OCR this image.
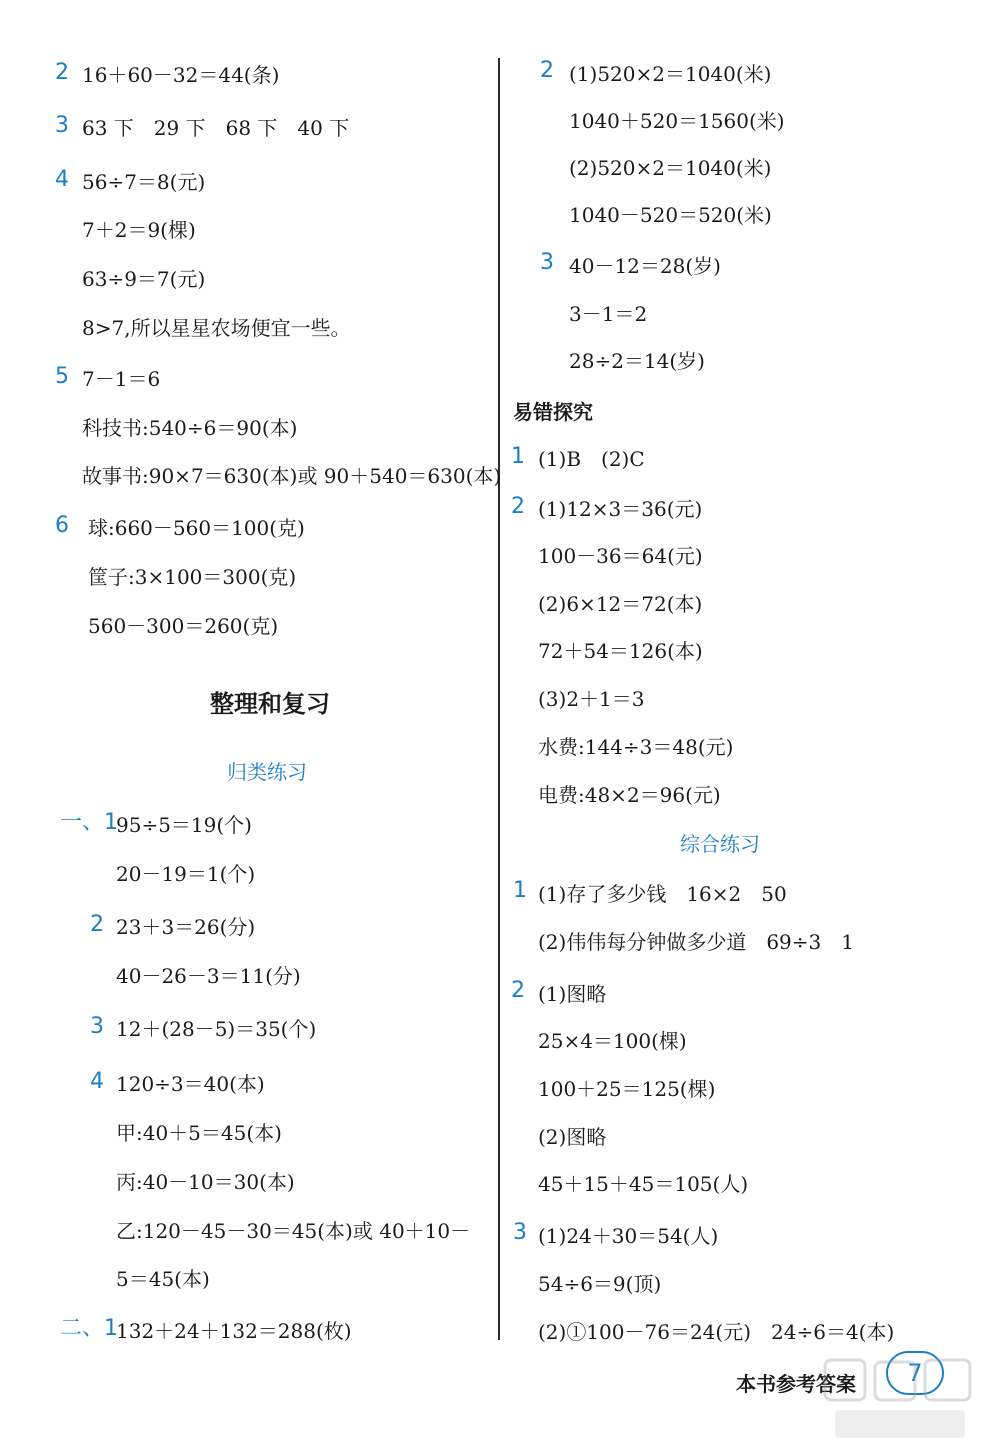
2 16＋60－32＝44(条)
3 63 下　29 下　68 下　40 下
4 56÷7＝8(元)
7＋2＝9(棵)
63÷9＝7(元)
8>7,所以星星农场便宜一些。
5 7－1＝6
科技书:540÷6＝90(本)
故事书:90×7＝630(本)或 90＋540＝630(本)
6 球:660－560＝100(克)
筐子:3×100＝300(克)
560－300＝260(克)
整理和复习
归类练习
一、1
95÷5＝19(个)
20－19＝1(个)
2 23＋3＝26(分)
40－26－3＝11(分)
3 12＋(28－5)＝35(个)
4 120÷3＝40(本)
甲:40＋5＝45(本)
丙:40－10＝30(本)
乙:120－45－30＝45(本)或 40＋10－
5＝45(本)
二、1
132＋24＋132＝288(枚)
2 (1)520×2＝1040(米)
1040＋520＝1560(米)
(2)520×2＝1040(米)
1040－520＝520(米)
3 40－12＝28(岁)
3－1＝2
28÷2＝14(岁)
易错探究
1 (1)B　(2)C
2 (1)12×3＝36(元)
100－36＝64(元)
(2)6×12＝72(本)
72＋54＝126(本)
(3)2＋1＝3
水费:144÷3＝48(元)
电费:48×2＝96(元)
综合练习
1 (1)存了多少钱　16×2　50
(2)伟伟每分钟做多少道　69÷3　1
2 (1)图略
25×4＝100(棵)
100＋25＝125(棵)
(2)图略
45＋15＋45＝105(人)
3 (1)24＋30＝54(人)
54÷6＝9(顶)
(2)①100－76＝24(元)　24÷6＝4(本)
本书参考答案	7
